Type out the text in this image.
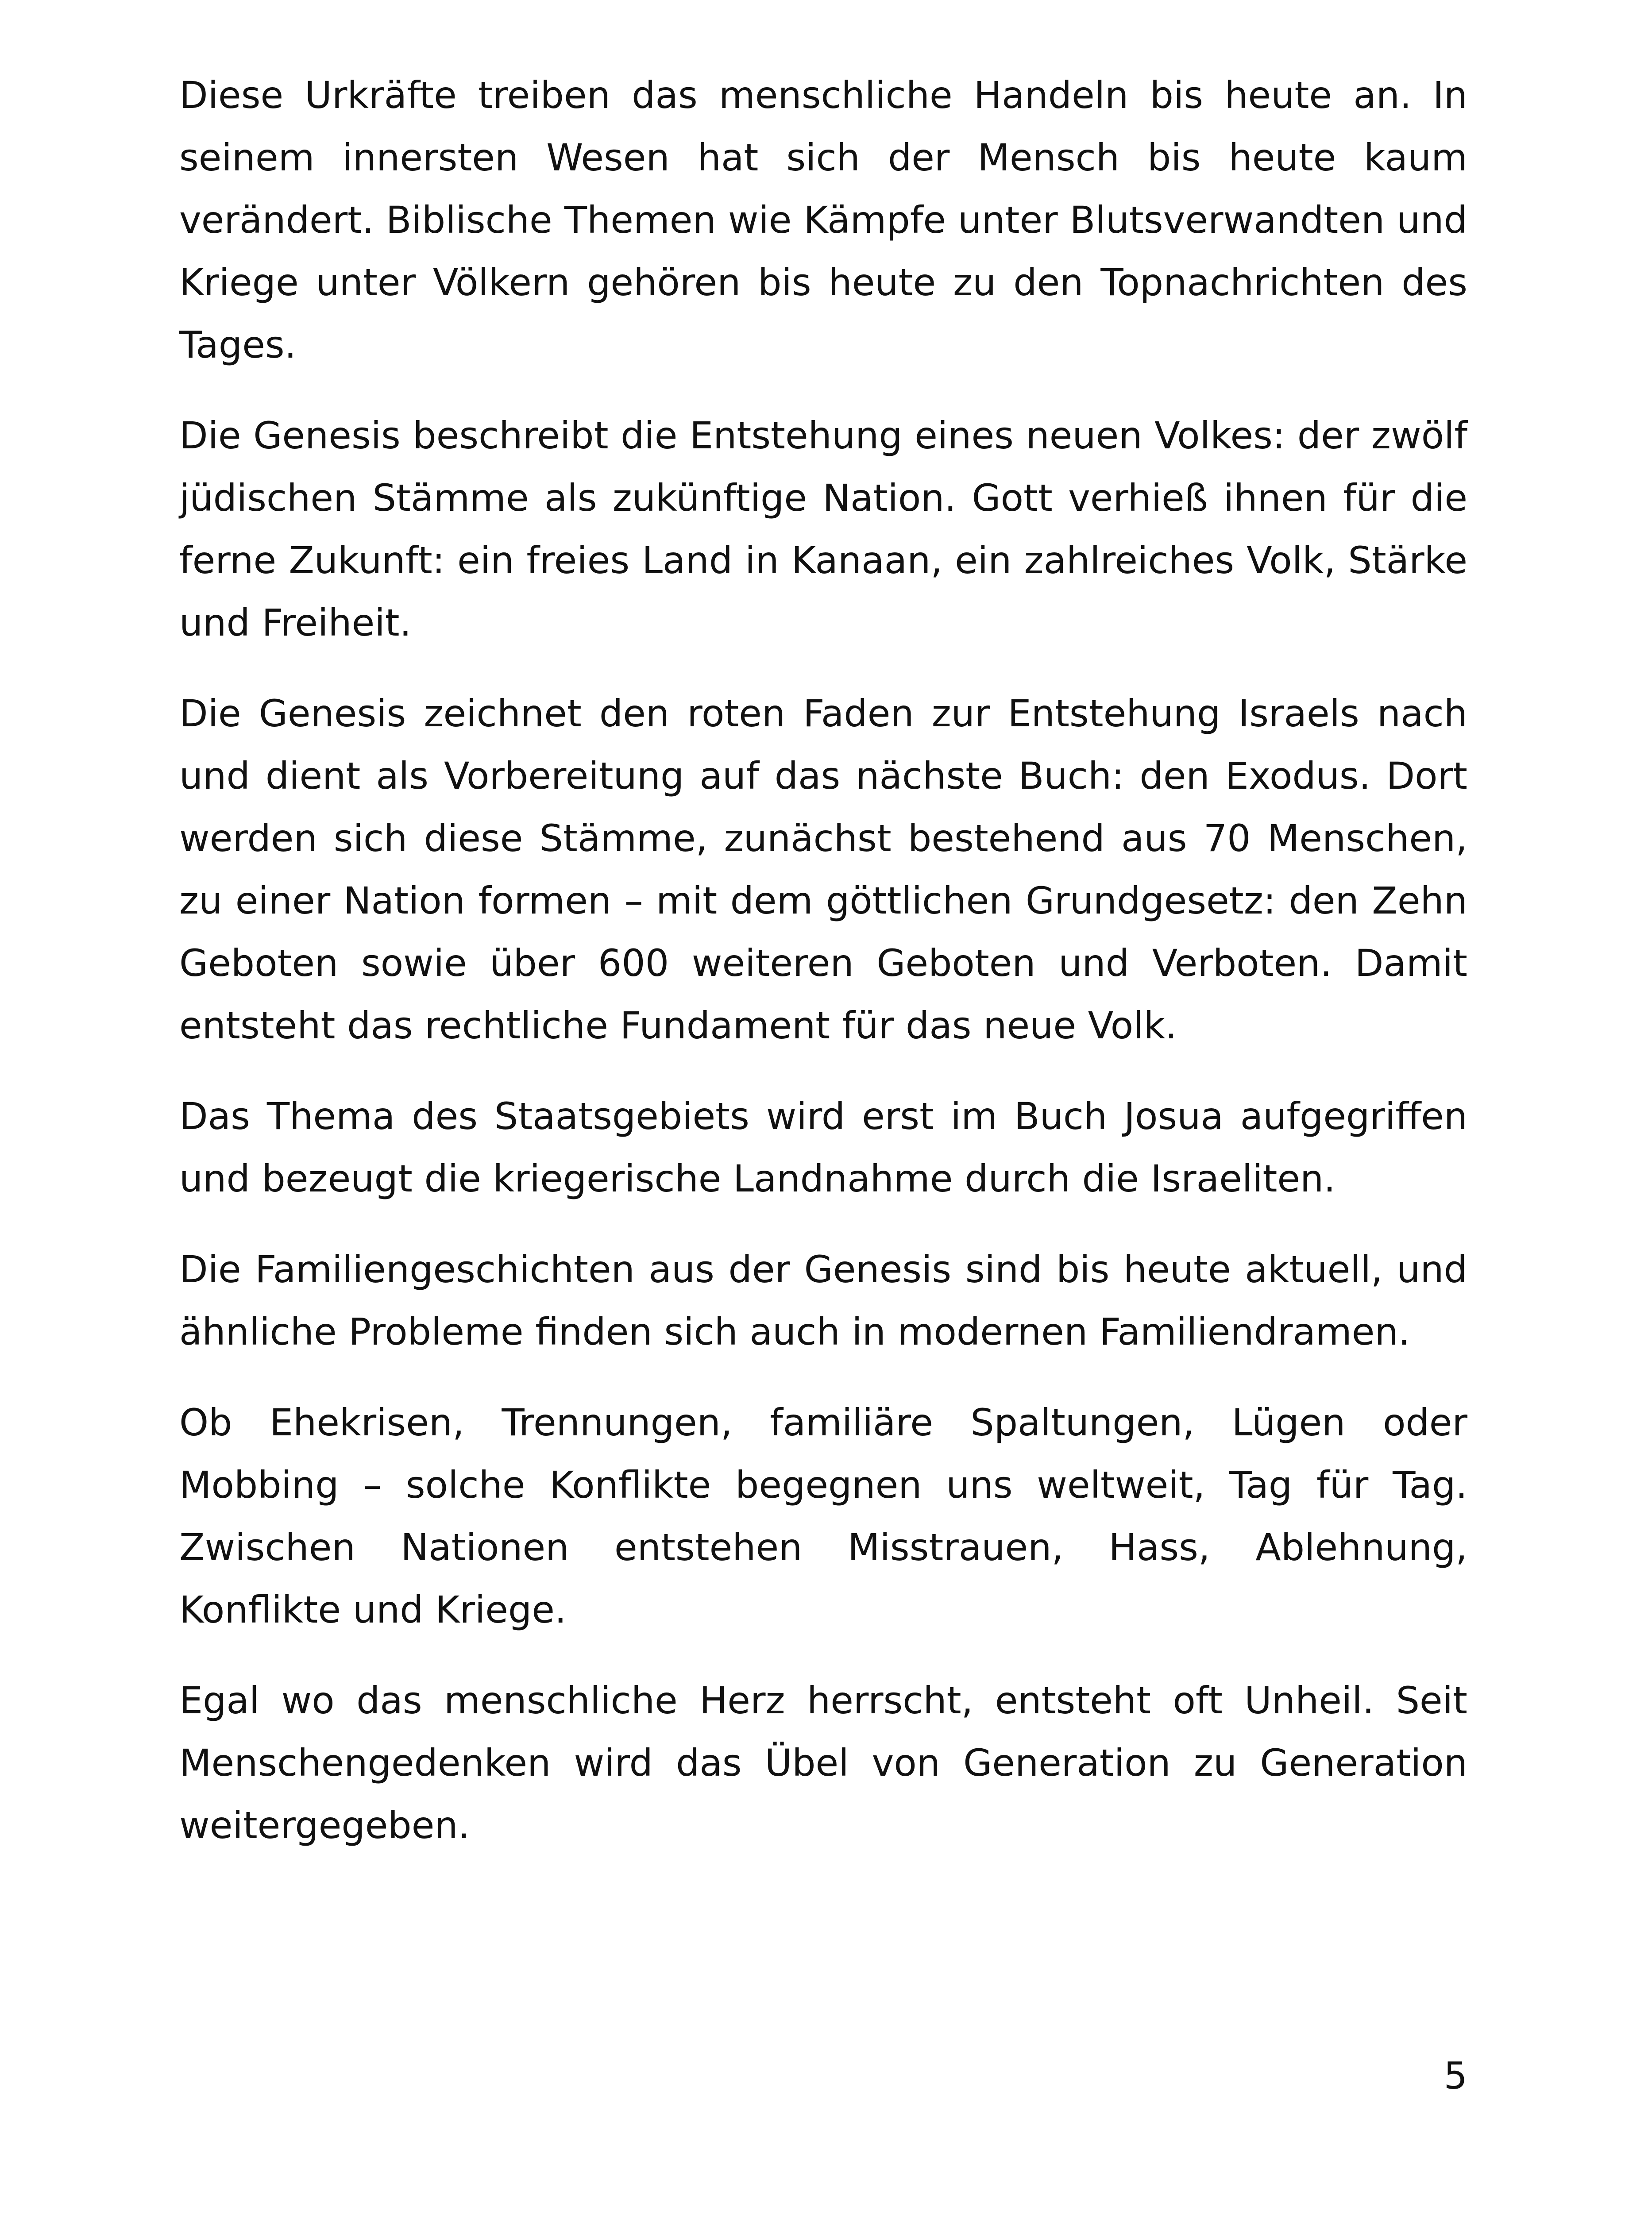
Diese Urkräfte treiben das menschliche Handeln bis heute an. In seinem innersten Wesen hat sich der Mensch bis heute kaum verändert. Biblische Themen wie Kämpfe unter Blutsverwandten und Kriege unter Völkern gehören bis heute zu den Topnachrichten des Tages.

Die Genesis beschreibt die Entstehung eines neuen Volkes: der zwölf jüdischen Stämme als zukünftige Nation. Gott verhieß ihnen für die ferne Zukunft: ein freies Land in Kanaan, ein zahlreiches Volk, Stärke und Freiheit.

Die Genesis zeichnet den roten Faden zur Entstehung Israels nach und dient als Vorbereitung auf das nächste Buch: den Exodus. Dort werden sich diese Stämme, zunächst bestehend aus 70 Menschen, zu einer Nation formen – mit dem göttlichen Grundgesetz: den Zehn Geboten sowie über 600 weiteren Geboten und Verboten. Damit entsteht das rechtliche Fundament für das neue Volk.

Das Thema des Staatsgebiets wird erst im Buch Josua aufgegriffen und bezeugt die kriegerische Landnahme durch die Israeliten.

Die Familiengeschichten aus der Genesis sind bis heute aktuell, und ähnliche Probleme finden sich auch in modernen Familiendramen.

Ob Ehekrisen, Trennungen, familiäre Spaltungen, Lügen oder Mobbing – solche Konflikte begegnen uns weltweit, Tag für Tag. Zwischen Nationen entstehen Misstrauen, Hass, Ablehnung, Konflikte und Kriege.

Egal wo das menschliche Herz herrscht, entsteht oft Unheil. Seit Menschengedenken wird das Übel von Generation zu Generation weitergegeben.

5
